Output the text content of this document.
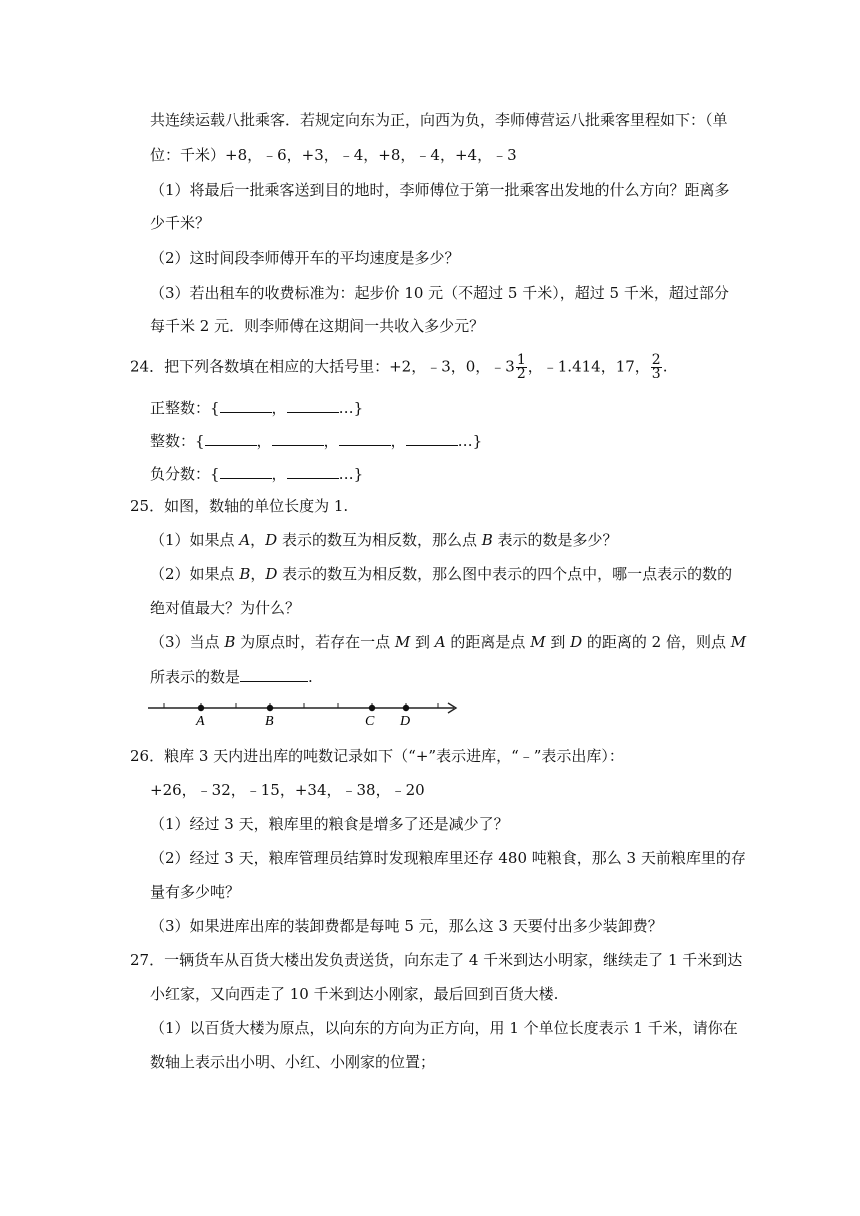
共连续运载八批乘客．若规定向东为正，向西为负，李师傅营运八批乘客里程如下：（单
位：千米）+8，﹣6，+3，﹣4，+8，﹣4，+4，﹣3
（1）将最后一批乘客送到目的地时，李师傅位于第一批乘客出发地的什么方向？距离多
少千米？
（2）这时间段李师傅开车的平均速度是多少？
（3）若出租车的收费标准为：起步价 10 元（不超过 5 千米），超过 5 千米，超过部分
每千米 2 元．则李师傅在这期间一共收入多少元？
24．把下列各数填在相应的大括号里：+2，﹣3，0，﹣3 $\frac{1}{2}$ ，﹣1.414，17， $\frac{2}{3}$ .
正整数：{	，	…}
整数：{	，	，	，	…}
负分数：{	，	…}
25．如图，数轴的单位长度为 1.
（1）如果点 A，D 表示的数互为相反数，那么点 B 表示的数是多少？
（2）如果点 B，D 表示的数互为相反数，那么图中表示的四个点中，哪一点表示的数的
绝对值最大？为什么？
（3）当点 B 为原点时，若存在一点 M 到 A 的距离是点 M 到 D 的距离的 2 倍，则点 M
所表示的数是	.
A	B	C D
26．粮库 3 天内进出库的吨数记录如下（“+”表示进库，“﹣”表示出库）：
+26，﹣32，﹣15，+34，﹣38，﹣20
（1）经过 3 天，粮库里的粮食是增多了还是减少了？
（2）经过 3 天，粮库管理员结算时发现粮库里还存 480 吨粮食，那么 3 天前粮库里的存
量有多少吨？
（3）如果进库出库的装卸费都是每吨 5 元，那么这 3 天要付出多少装卸费？
27．一辆货车从百货大楼出发负责送货，向东走了 4 千米到达小明家，继续走了 1 千米到达
小红家，又向西走了 10 千米到达小刚家，最后回到百货大楼.
（1）以百货大楼为原点，以向东的方向为正方向，用 1 个单位长度表示 1 千米，请你在
数轴上表示出小明、小红、小刚家的位置；
